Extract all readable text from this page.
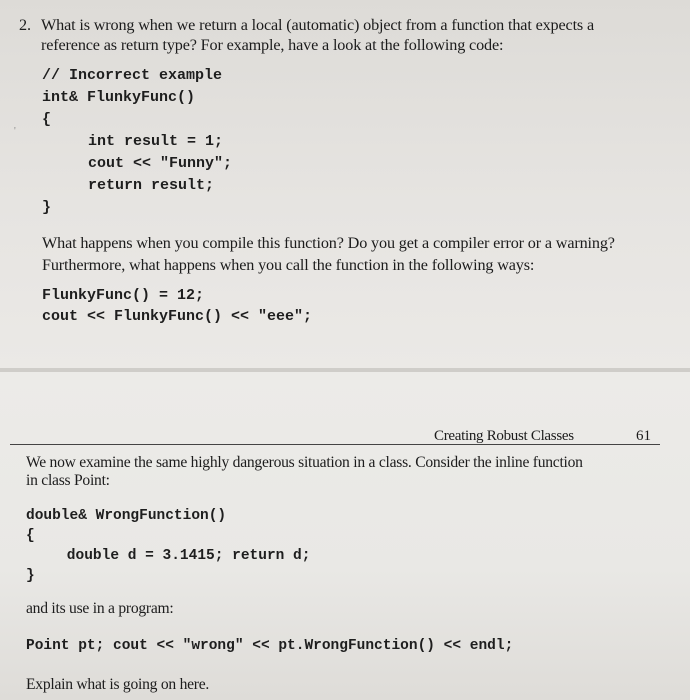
2. What is wrong when we return a local (automatic) object from a function that expects a
reference as return type? For example, have a look at the following code:
// Incorrect example
int& FlunkyFunc()
{
int result = 1;
cout << "Funny";
return result;
}
What happens when you compile this function? Do you get a compiler error or a warning?
Furthermore, what happens when you call the function in the following ways:
FlunkyFunc() = 12;
cout << FlunkyFunc() << "eee";
'
Creating Robust Classes	61
We now examine the same highly dangerous situation in a class. Consider the inline function
in class Point:
double& WrongFunction()
{
double d = 3.1415; return d;
}
and its use in a program:
Point pt; cout << "wrong" << pt.WrongFunction() << endl;
Explain what is going on here.
